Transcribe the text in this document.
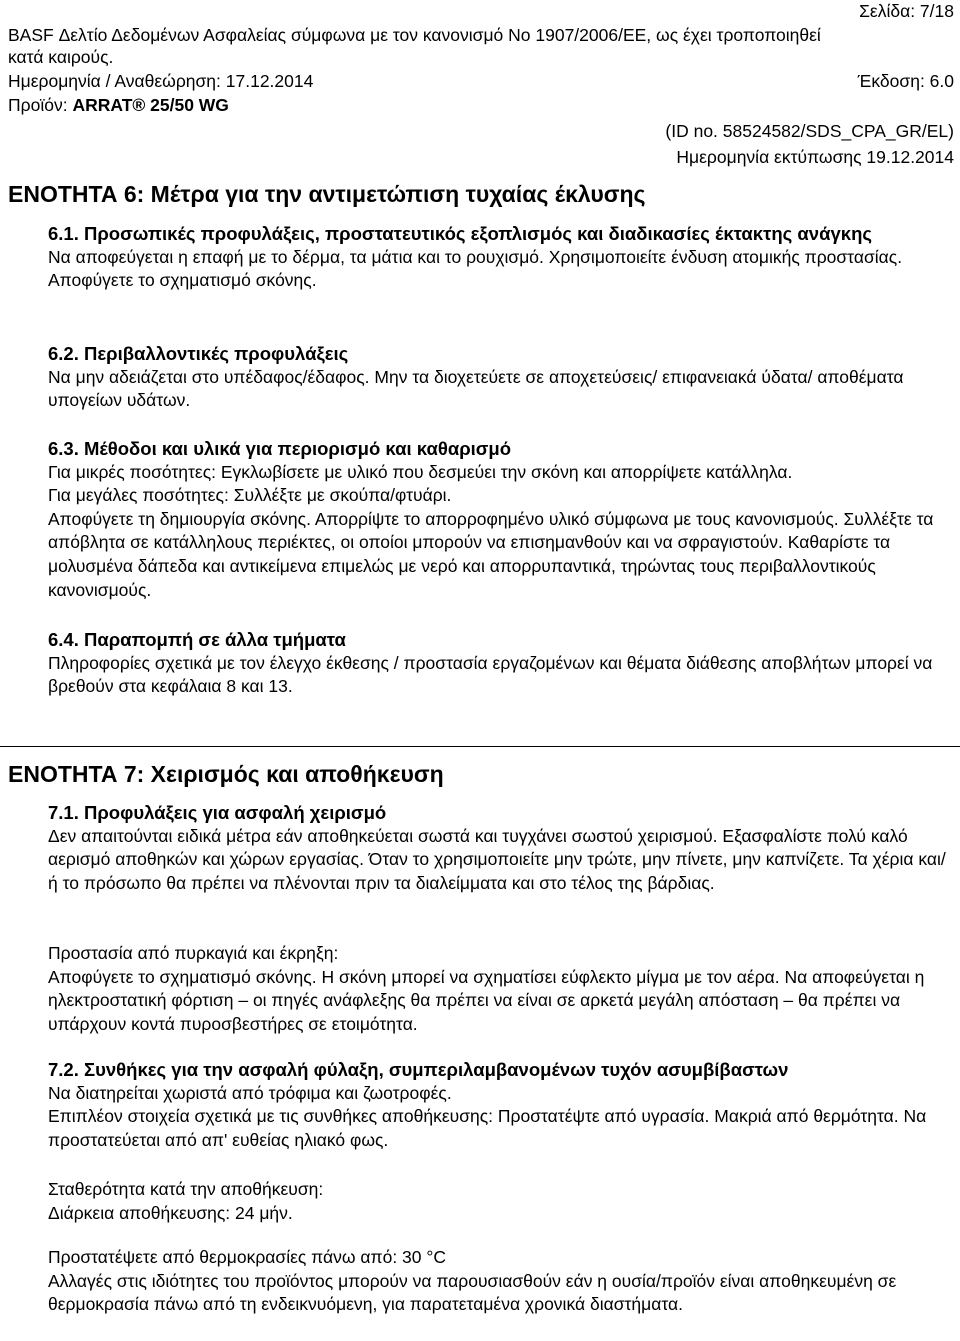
Σελίδα: 7/18
BASF Δελτίο Δεδομένων Ασφαλείας σύμφωνα με τον κανονισμό Νο 1907/2006/ΕΕ, ως έχει τροποποιηθεί
κατά καιρούς.
Ημερομηνία / Αναθεώρηση: 17.12.2014	Έκδοση: 6.0
Προϊόν: ARRAT® 25/50 WG
(ID no. 58524582/SDS_CPA_GR/EL)
Ημερομηνία εκτύπωσης 19.12.2014
ΕΝΟΤΗΤΑ 6: Μέτρα για την αντιμετώπιση τυχαίας έκλυσης

6.1. Προσωπικές προφυλάξεις, προστατευτικός εξοπλισμός και διαδικασίες έκτακτης ανάγκης

Να αποφεύγεται η επαφή με το δέρμα, τα μάτια και το ρουχισμό. Χρησιμοποιείτε ένδυση ατομικής προστασίας. Αποφύγετε το σχηματισμό σκόνης.

6.2. Περιβαλλοντικές προφυλάξεις

Να μην αδειάζεται στο υπέδαφος/έδαφος. Μην τα διοχετεύετε σε αποχετεύσεις/ επιφανειακά ύδατα/ αποθέματα υπογείων υδάτων.

6.3. Μέθοδοι και υλικά για περιορισμό και καθαρισμό

Για μικρές ποσότητες: Εγκλωβίσετε με υλικό που δεσμεύει την σκόνη και απορρίψετε κατάλληλα.

Για μεγάλες ποσότητες: Συλλέξτε με σκούπα/φτυάρι.

Αποφύγετε τη δημιουργία σκόνης. Απορρίψτε το απορροφημένο υλικό σύμφωνα με τους κανονισμούς. Συλλέξτε τα απόβλητα σε κατάλληλους περιέκτες, οι οποίοι μπορούν να επισημανθούν και να σφραγιστούν. Καθαρίστε τα μολυσμένα δάπεδα και αντικείμενα επιμελώς με νερό και απορρυπαντικά, τηρώντας τους περιβαλλοντικούς κανονισμούς.

6.4. Παραπομπή σε άλλα τμήματα

Πληροφορίες σχετικά με τον έλεγχο έκθεσης / προστασία εργαζομένων και θέματα διάθεσης αποβλήτων μπορεί να βρεθούν στα κεφάλαια 8 και 13.

ΕΝΟΤΗΤΑ 7: Χειρισμός και αποθήκευση

7.1. Προφυλάξεις για ασφαλή χειρισμό

Δεν απαιτούνται ειδικά μέτρα εάν αποθηκεύεται σωστά και τυγχάνει σωστού χειρισμού. Εξασφαλίστε πολύ καλό αερισμό αποθηκών και χώρων εργασίας. Όταν το χρησιμοποιείτε μην τρώτε, μην πίνετε, μην καπνίζετε. Τα χέρια και/ή το πρόσωπο θα πρέπει να πλένονται πριν τα διαλείμματα και στο τέλος της βάρδιας.

Προστασία από πυρκαγιά και έκρηξη:

Αποφύγετε το σχηματισμό σκόνης. Η σκόνη μπορεί να σχηματίσει εύφλεκτο μίγμα με τον αέρα. Να αποφεύγεται η ηλεκτροστατική φόρτιση – οι πηγές ανάφλεξης θα πρέπει να είναι σε αρκετά μεγάλη απόσταση – θα πρέπει να υπάρχουν κοντά πυροσβεστήρες σε ετοιμότητα.

7.2. Συνθήκες για την ασφαλή φύλαξη, συμπεριλαμβανομένων τυχόν ασυμβίβαστων

Να διατηρείται χωριστά από τρόφιμα και ζωοτροφές.

Επιπλέον στοιχεία σχετικά με τις συνθήκες αποθήκευσης: Προστατέψτε από υγρασία. Μακριά από θερμότητα. Να προστατεύεται από απ' ευθείας ηλιακό φως.

Σταθερότητα κατά την αποθήκευση:

Διάρκεια αποθήκευσης: 24 μήν.

Προστατέψετε από θερμοκρασίες πάνω από: 30 °C

Αλλαγές στις ιδιότητες του προϊόντος μπορούν να παρουσιασθούν εάν η ουσία/προϊόν είναι αποθηκευμένη σε θερμοκρασία πάνω από τη ενδεικνυόμενη, για παρατεταμένα χρονικά διαστήματα.
